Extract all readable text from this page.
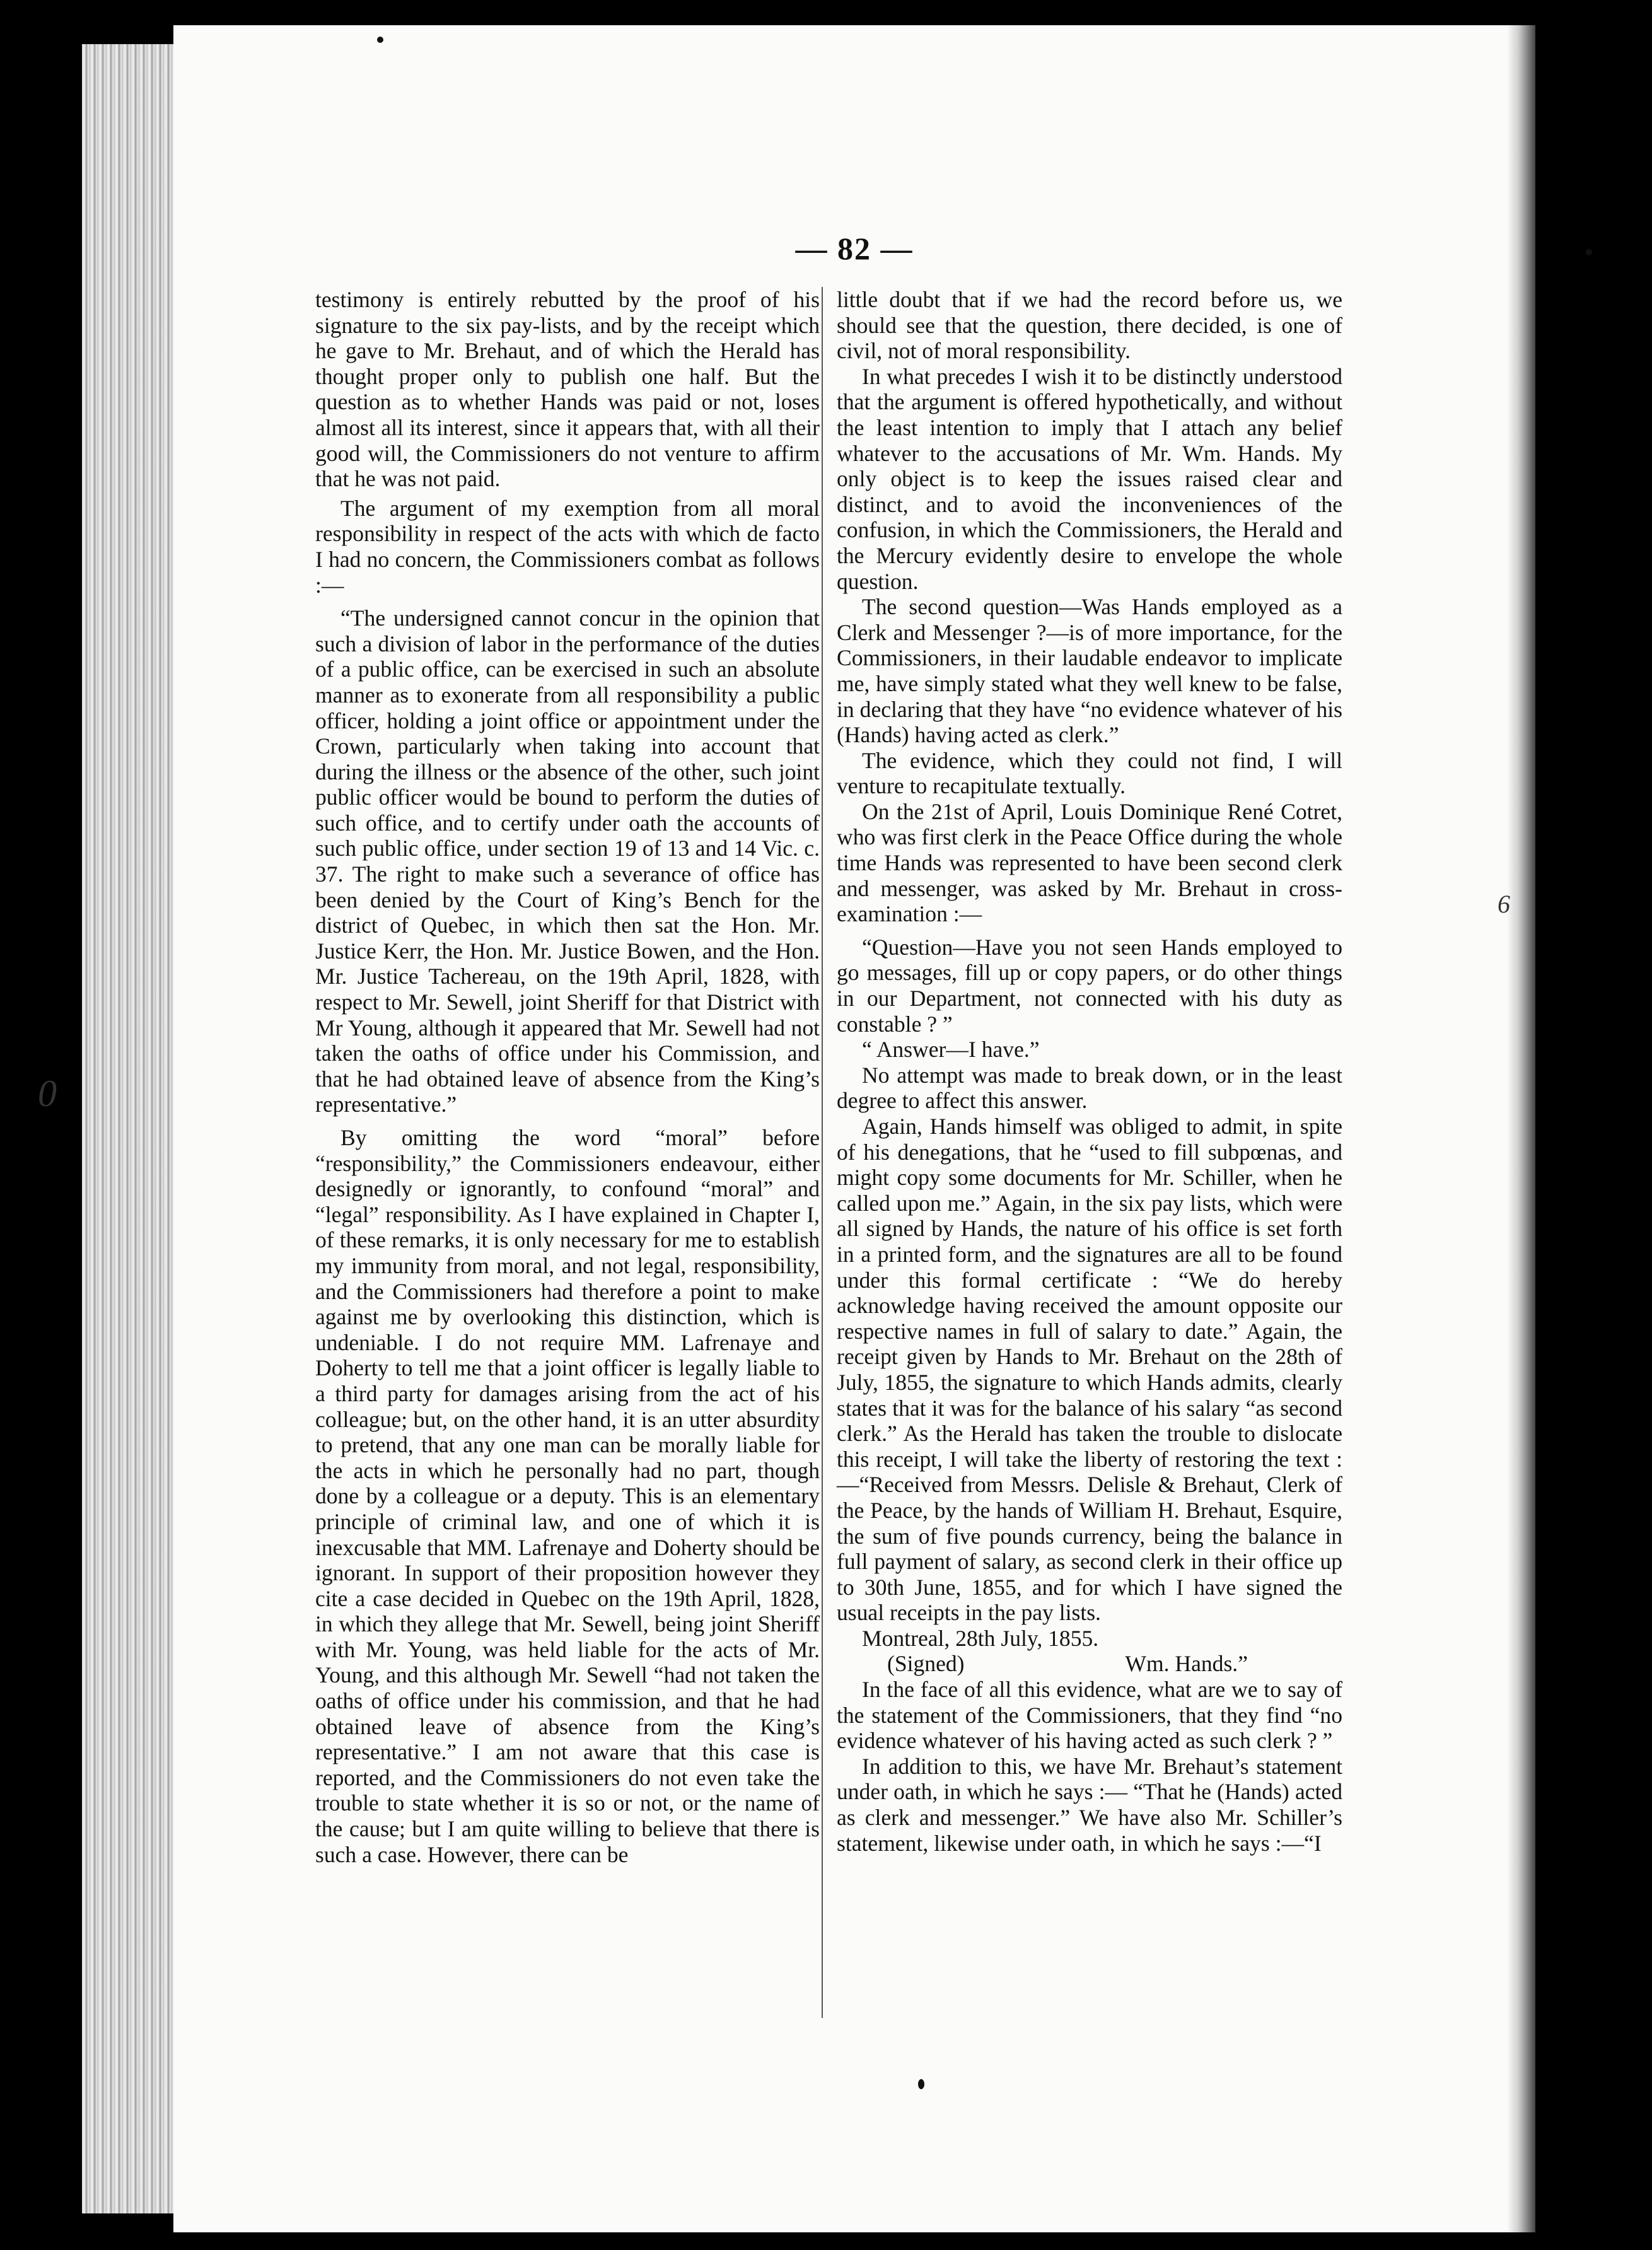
— 82 —

testimony is entirely rebutted by the proof of his signature to the six pay-lists, and by the receipt which he gave to Mr. Brehaut, and of which the Herald has thought proper only to publish one half. But the question as to whether Hands was paid or not, loses almost all its interest, since it appears that, with all their good will, the Commissioners do not venture to affirm that he was not paid.

The argument of my exemption from all moral responsibility in respect of the acts with which de facto I had no concern, the Commissioners combat as follows :—

“The undersigned cannot concur in the opinion that such a division of labor in the performance of the duties of a public office, can be exercised in such an absolute manner as to exonerate from all responsibility a public officer, holding a joint office or appointment under the Crown, particularly when taking into account that during the illness or the absence of the other, such joint public officer would be bound to perform the duties of such office, and to certify under oath the accounts of such public office, under section 19 of 13 and 14 Vic. c. 37. The right to make such a severance of office has been denied by the Court of King’s Bench for the district of Quebec, in which then sat the Hon. Mr. Justice Kerr, the Hon. Mr. Justice Bowen, and the Hon. Mr. Justice Tachereau, on the 19th April, 1828, with respect to Mr. Sewell, joint Sheriff for that District with Mr Young, although it appeared that Mr. Sewell had not taken the oaths of office under his Commission, and that he had obtained leave of absence from the King’s representative.”

By omitting the word “moral” before “responsibility,” the Commissioners endeavour, either designedly or ignorantly, to confound “moral” and “legal” responsibility. As I have explained in Chapter I, of these remarks, it is only necessary for me to establish my immunity from moral, and not legal, responsibility, and the Commissioners had therefore a point to make against me by overlooking this distinction, which is undeniable. I do not require MM. Lafrenaye and Doherty to tell me that a joint officer is legally liable to a third party for damages arising from the act of his colleague; but, on the other hand, it is an utter absurdity to pretend, that any one man can be morally liable for the acts in which he personally had no part, though done by a colleague or a deputy. This is an elementary principle of criminal law, and one of which it is inexcusable that MM. Lafrenaye and Doherty should be ignorant. In support of their proposition however they cite a case decided in Quebec on the 19th April, 1828, in which they allege that Mr. Sewell, being joint Sheriff with Mr. Young, was held liable for the acts of Mr. Young, and this although Mr. Sewell “had not taken the oaths of office under his commission, and that he had obtained leave of absence from the King’s representative.” I am not aware that this case is reported, and the Commissioners do not even take the trouble to state whether it is so or not, or the name of the cause; but I am quite willing to believe that there is such a case. However, there can be

little doubt that if we had the record before us, we should see that the question, there decided, is one of civil, not of moral responsibility.

In what precedes I wish it to be distinctly understood that the argument is offered hypothetically, and without the least intention to imply that I attach any belief whatever to the accusations of Mr. Wm. Hands. My only object is to keep the issues raised clear and distinct, and to avoid the inconveniences of the confusion, in which the Commissioners, the Herald and the Mercury evidently desire to envelope the whole question.

The second question—Was Hands employed as a Clerk and Messenger ?—is of more importance, for the Commissioners, in their laudable endeavor to implicate me, have simply stated what they well knew to be false, in declaring that they have “no evidence whatever of his (Hands) having acted as clerk.”

The evidence, which they could not find, I will venture to recapitulate textually.

On the 21st of April, Louis Dominique René Cotret, who was first clerk in the Peace Office during the whole time Hands was represented to have been second clerk and messenger, was asked by Mr. Brehaut in cross-examination :—

“Question—Have you not seen Hands employed to go messages, fill up or copy papers, or do other things in our Department, not connected with his duty as constable ? ”

“ Answer—I have.”

No attempt was made to break down, or in the least degree to affect this answer.

Again, Hands himself was obliged to admit, in spite of his denegations, that he “used to fill subpœnas, and might copy some documents for Mr. Schiller, when he called upon me.” Again, in the six pay lists, which were all signed by Hands, the nature of his office is set forth in a printed form, and the signatures are all to be found under this formal certificate : “We do hereby acknowledge having received the amount opposite our respective names in full of salary to date.” Again, the receipt given by Hands to Mr. Brehaut on the 28th of July, 1855, the signature to which Hands admits, clearly states that it was for the balance of his salary “as second clerk.” As the Herald has taken the trouble to dislocate this receipt, I will take the liberty of restoring the text :—“Received from Messrs. Delisle & Brehaut, Clerk of the Peace, by the hands of William H. Brehaut, Esquire, the sum of five pounds currency, being the balance in full payment of salary, as second clerk in their office up to 30th June, 1855, and for which I have signed the usual receipts in the pay lists.

Montreal, 28th July, 1855.

(Signed)	Wm. Hands.”

In the face of all this evidence, what are we to say of the statement of the Commissioners, that they find “no evidence whatever of his having acted as such clerk ? ”

In addition to this, we have Mr. Brehaut’s statement under oath, in which he says :— “That he (Hands) acted as clerk and messenger.” We have also Mr. Schiller’s statement, likewise under oath, in which he says :—“I

0
6
